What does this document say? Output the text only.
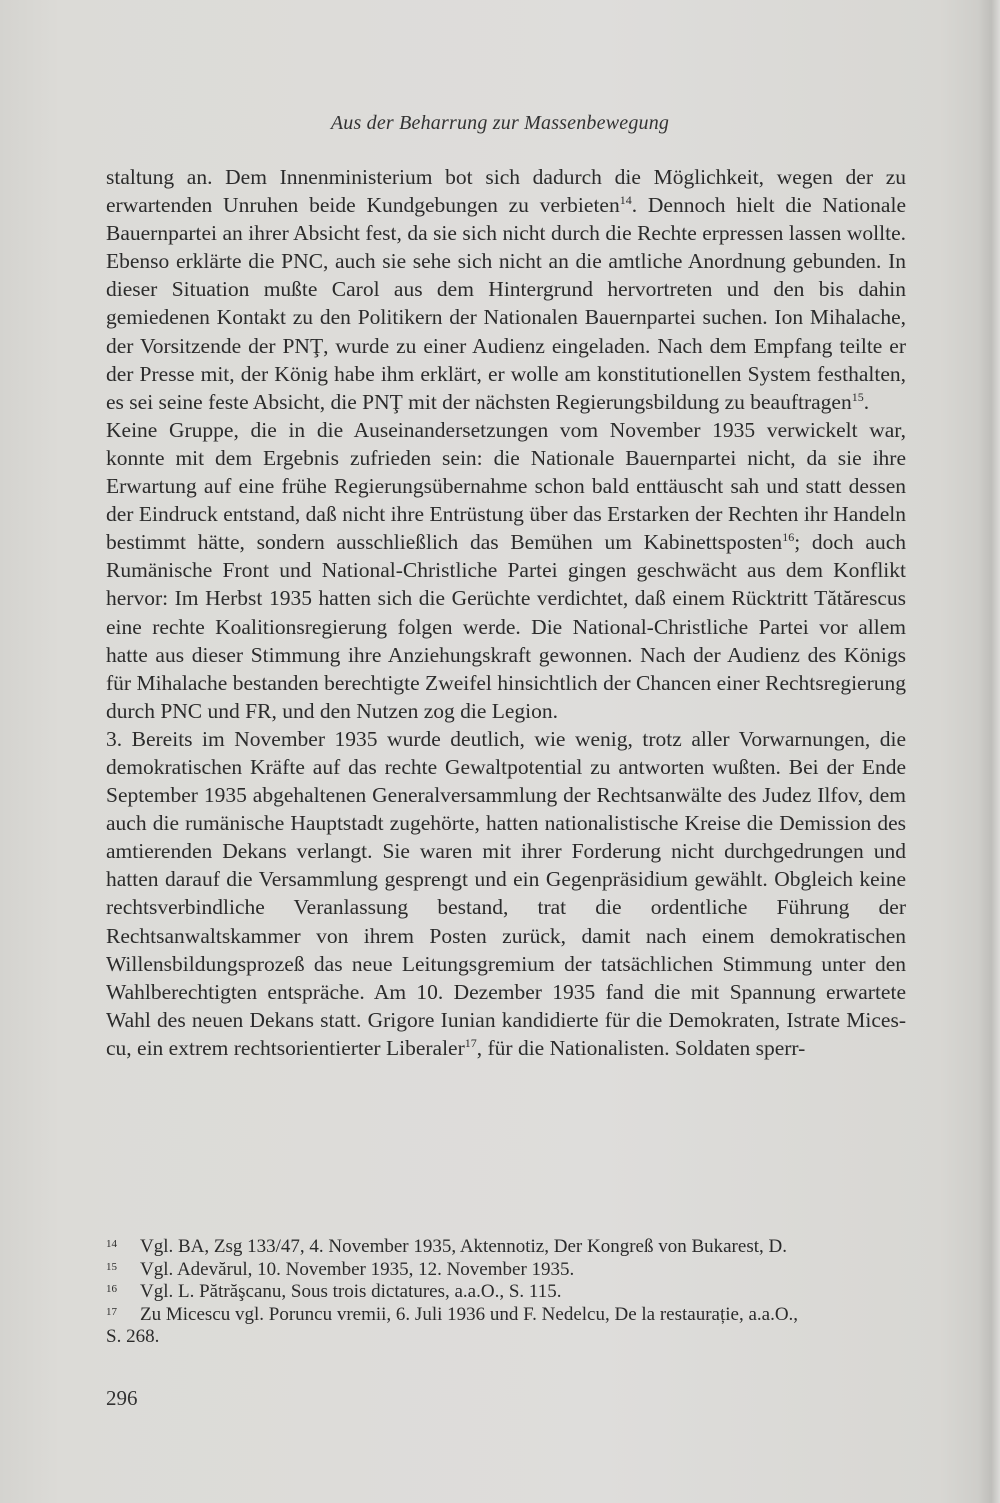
Aus der Beharrung zur Massenbewegung

staltung an. Dem Innenministerium bot sich dadurch die Möglichkeit, wegen der zu erwartenden Unruhen beide Kundgebungen zu verbieten$^{14}$. Dennoch hielt die Nationale Bauernpartei an ihrer Absicht fest, da sie sich nicht durch die Rechte erpressen lassen wollte. Ebenso erklärte die PNC, auch sie sehe sich nicht an die amtliche Anordnung gebunden. In dieser Situation mußte Carol aus dem Hintergrund hervortreten und den bis dahin gemiedenen Kontakt zu den Politikern der Nationalen Bauernpartei suchen. Ion Mihalache, der Vorsitzende der PNŢ, wurde zu einer Audienz eingeladen. Nach dem Empfang teilte er der Presse mit, der König habe ihm erklärt, er wolle am konstitutionellen System festhalten, es sei seine feste Absicht, die PNŢ mit der nächsten Regierungsbildung zu beauftragen$^{15}$.

Keine Gruppe, die in die Auseinandersetzungen vom November 1935 verwickelt war, konnte mit dem Ergebnis zufrieden sein: die Nationale Bauernpartei nicht, da sie ihre Erwartung auf eine frühe Regierungsübernahme schon bald enttäuscht sah und statt dessen der Eindruck entstand, daß nicht ihre Entrüstung über das Erstarken der Rechten ihr Handeln bestimmt hätte, sondern ausschließlich das Bemühen um Kabinettsposten$^{16}$; doch auch Rumänische Front und National-Christliche Partei gingen geschwächt aus dem Konflikt hervor: Im Herbst 1935 hatten sich die Gerüchte verdichtet, daß einem Rücktritt Tătărescus eine rechte Koalitionsregierung folgen werde. Die National-Christliche Partei vor allem hatte aus dieser Stimmung ihre Anziehungskraft gewonnen. Nach der Audienz des Königs für Mihalache bestanden berechtigte Zweifel hinsichtlich der Chancen einer Rechtsregierung durch PNC und FR, und den Nutzen zog die Legion.

3. Bereits im November 1935 wurde deutlich, wie wenig, trotz aller Vorwarnungen, die demokratischen Kräfte auf das rechte Gewaltpotential zu antworten wußten. Bei der Ende September 1935 abgehaltenen Generalversammlung der Rechtsanwälte des Judez Ilfov, dem auch die rumänische Hauptstadt zugehörte, hatten nationalistische Kreise die Demission des amtierenden Dekans verlangt. Sie waren mit ihrer Forderung nicht durchgedrungen und hatten darauf die Versammlung gesprengt und ein Gegenpräsidium gewählt. Obgleich keine rechtsverbindliche Veranlassung bestand, trat die ordentliche Führung der Rechtsanwaltskammer von ihrem Posten zurück, damit nach einem demokratischen Willensbildungsprozeß das neue Leitungsgremium der tatsächlichen Stimmung unter den Wahlberechtigten entspräche. Am 10. Dezember 1935 fand die mit Spannung erwartete Wahl des neuen Dekans statt. Grigore Iunian kandidierte für die Demokraten, Istrate Micescu, ein extrem rechtsorientierter Liberaler$^{17}$, für die Nationalisten. Soldaten sperr-

14	Vgl. BA, Zsg 133/47, 4. November 1935, Aktennotiz, Der Kongreß von Bukarest, D.
15	Vgl. Adevărul, 10. November 1935, 12. November 1935.
16	Vgl. L. Pătrăşcanu, Sous trois dictatures, a.a.O., S. 115.
17	Zu Micescu vgl. Poruncu vremii, 6. Juli 1936 und F. Nedelcu, De la restaurație, a.a.O.,
S. 268.
296
